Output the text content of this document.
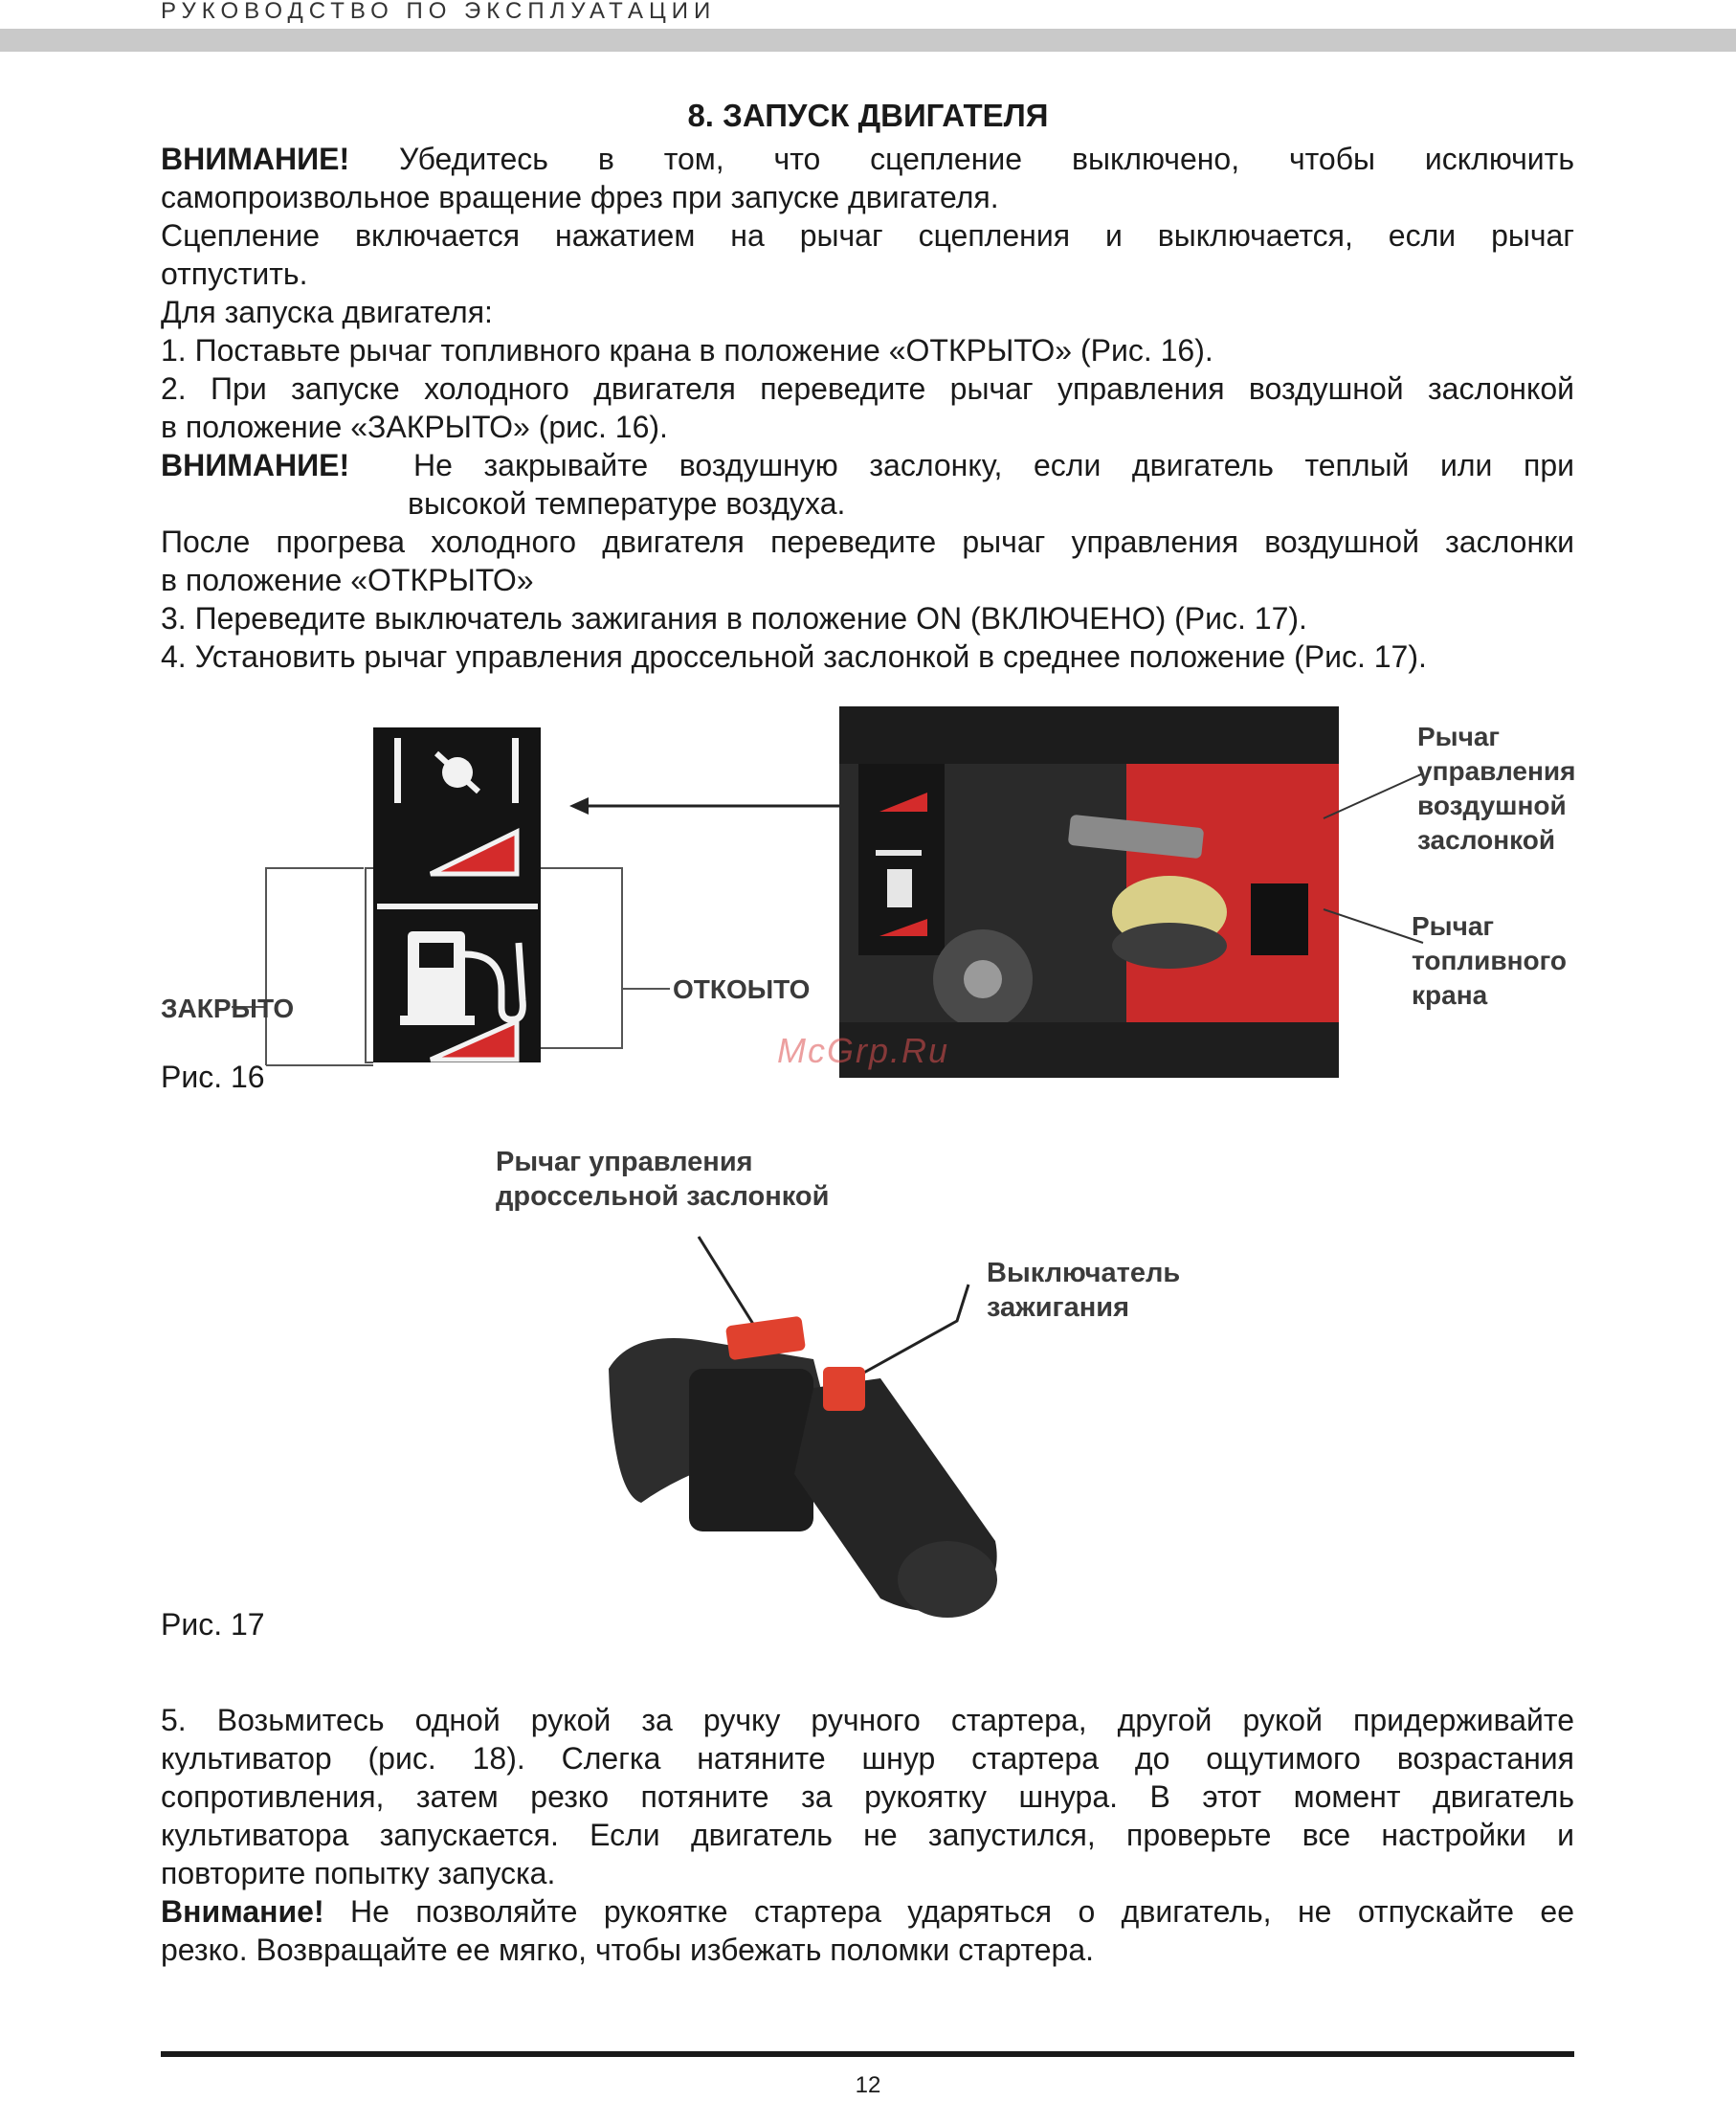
РУКОВОДСТВО ПО ЭКСПЛУАТАЦИИ
8. ЗАПУСК ДВИГАТЕЛЯ
ВНИМАНИЕ! Убедитесь в том, что сцепление выключено, чтобы исключить
самопроизвольное вращение фрез при запуске двигателя.
Сцепление включается нажатием на рычаг сцепления и выключается, если рычаг
отпустить.
Для запуска двигателя:
1. Поставьте рычаг топливного крана в положение «ОТКРЫТО» (Рис. 16).
2. При запуске холодного двигателя переведите рычаг управления воздушной заслонкой
в положение «ЗАКРЫТО» (рис. 16).
ВНИМАНИЕ!	Не закрывайте воздушную заслонку, если двигатель теплый или при
высокой температуре воздуха.
После прогрева холодного двигателя переведите рычаг управления воздушной заслонки
в положение «ОТКРЫТО»
3. Переведите выключатель зажигания в положение ON (ВКЛЮЧЕНО) (Рис. 17).
4. Установить рычаг управления дроссельной заслонкой в среднее положение (Рис. 17).
ЗАКРЫТО
ОТКОЫТО
Рычаг
управления
воздушной
заслонкой
Рычаг
топливного
крана
McGrp.Ru
Рис. 16
Рычаг управления
дроссельной заслонкой
Выключатель
зажигания
Рис. 17
5. Возьмитесь одной рукой за ручку ручного стартера, другой рукой придерживайте
культиватор (рис. 18). Слегка натяните шнур стартера до ощутимого возрастания
сопротивления, затем резко потяните за рукоятку шнура. В этот момент двигатель
культиватора запускается. Если двигатель не запустился, проверьте все настройки и
повторите попытку запуска.
Внимание! Не позволяйте рукоятке стартера ударяться о двигатель, не отпускайте ее
резко. Возвращайте ее мягко, чтобы избежать поломки стартера.
12
